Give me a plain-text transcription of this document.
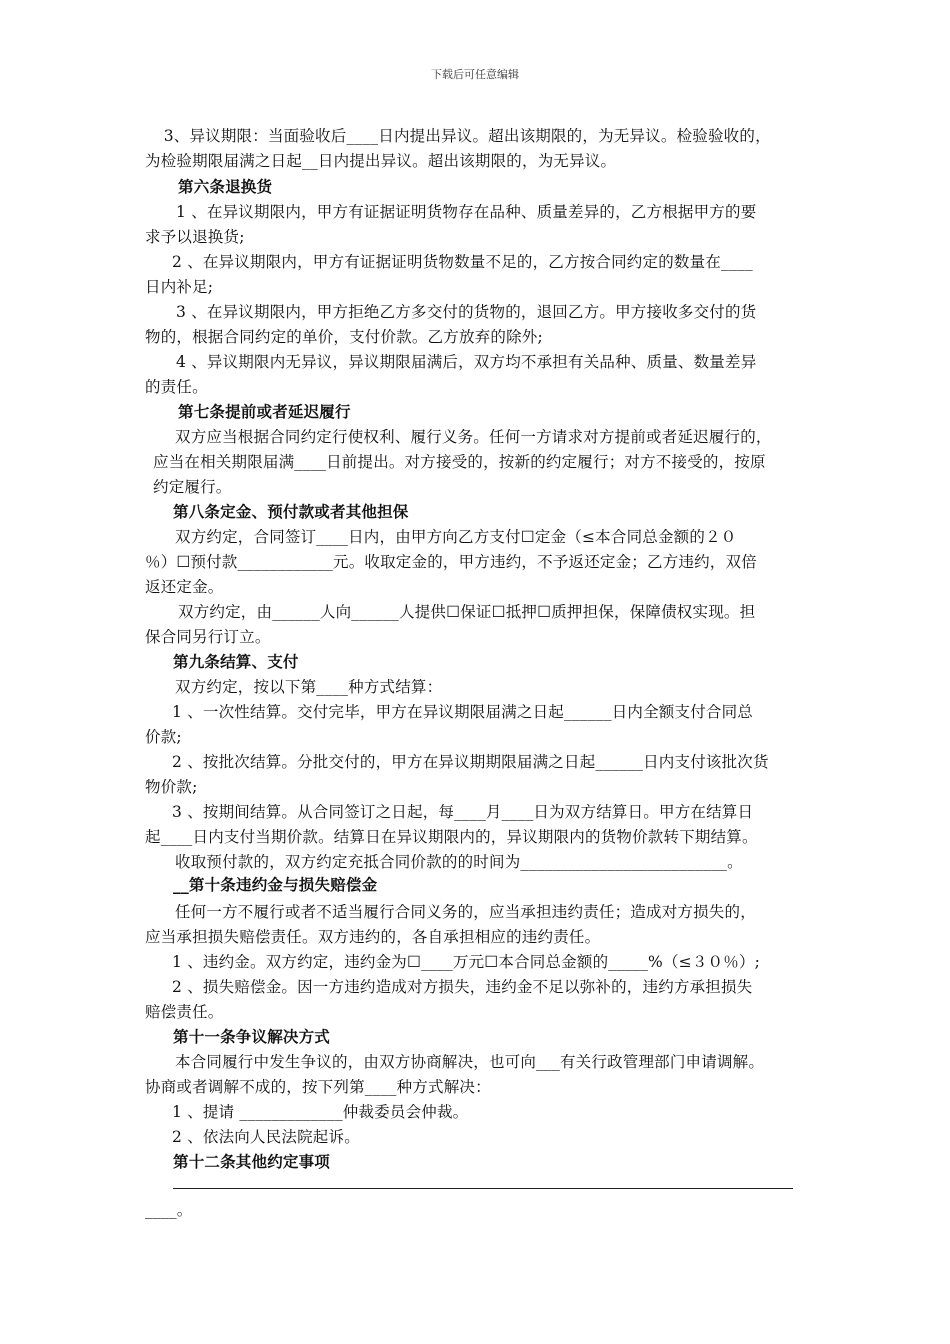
下载后可任意编辑
　3、异议期限：当面验收后____日内提出异议。超出该期限的，为无异议。检验验收的，
为检验期限届满之日起__日内提出异议。超出该期限的，为无异议。
第六条退换货
1 、在异议期限内，甲方有证据证明货物存在品种、质量差异的，乙方根据甲方的要
求予以退换货;
2 、在异议期限内，甲方有证据证明货物数量不足的，乙方按合同约定的数量在____
日内补足;
3 、在异议期限内，甲方拒绝乙方多交付的货物的，退回乙方。甲方接收多交付的货
物的，根据合同约定的单价，支付价款。乙方放弃的除外;
4 、异议期限内无异议，异议期限届满后，双方均不承担有关品种、质量、数量差异
的责任。
第七条提前或者延迟履行
双方应当根据合同约定行使权利、履行义务。任何一方请求对方提前或者延迟履行的，
应当在相关期限届满____日前提出。对方接受的，按新的约定履行；对方不接受的，按原
约定履行。
第八条定金、预付款或者其他担保
双方约定，合同签订____日内，由甲方向乙方支付☐定金（≤本合同总金额的２０
％）☐预付款____________元。收取定金的，甲方违约，不予返还定金；乙方违约，双倍
返还定金。
双方约定，由______人向______人提供☐保证☐抵押☐质押担保，保障债权实现。担
保合同另行订立。
第九条结算、支付
双方约定，按以下第____种方式结算：
1 、一次性结算。交付完毕，甲方在异议期限届满之日起______日内全额支付合同总
价款;
2 、按批次结算。分批交付的，甲方在异议期期限届满之日起______日内支付该批次货
物价款;
3 、按期间结算。从合同签订之日起，每____月____日为双方结算日。甲方在结算日
起____日内支付当期价款。结算日在异议期限内的，异议期限内的货物价款转下期结算。
收取预付款的，双方约定充抵合同价款的的时间为__________________________。
__第十条违约金与损失赔偿金
任何一方不履行或者不适当履行合同义务的，应当承担违约责任；造成对方损失的，
应当承担损失赔偿责任。双方违约的，各自承担相应的违约责任。
1 、违约金。双方约定，违约金为☐____万元☐本合同总金额的_____%（≤３０％）;
2 、损失赔偿金。因一方违约造成对方损失，违约金不足以弥补的，违约方承担损失
赔偿责任。
第十一条争议解决方式
本合同履行中发生争议的，由双方协商解决，也可向___有关行政管理部门申请调解。
协商或者调解不成的，按下列第____种方式解决：
1 、提请 _____________仲裁委员会仲裁。
2 、依法向人民法院起诉。
第十二条其他约定事项
____。
